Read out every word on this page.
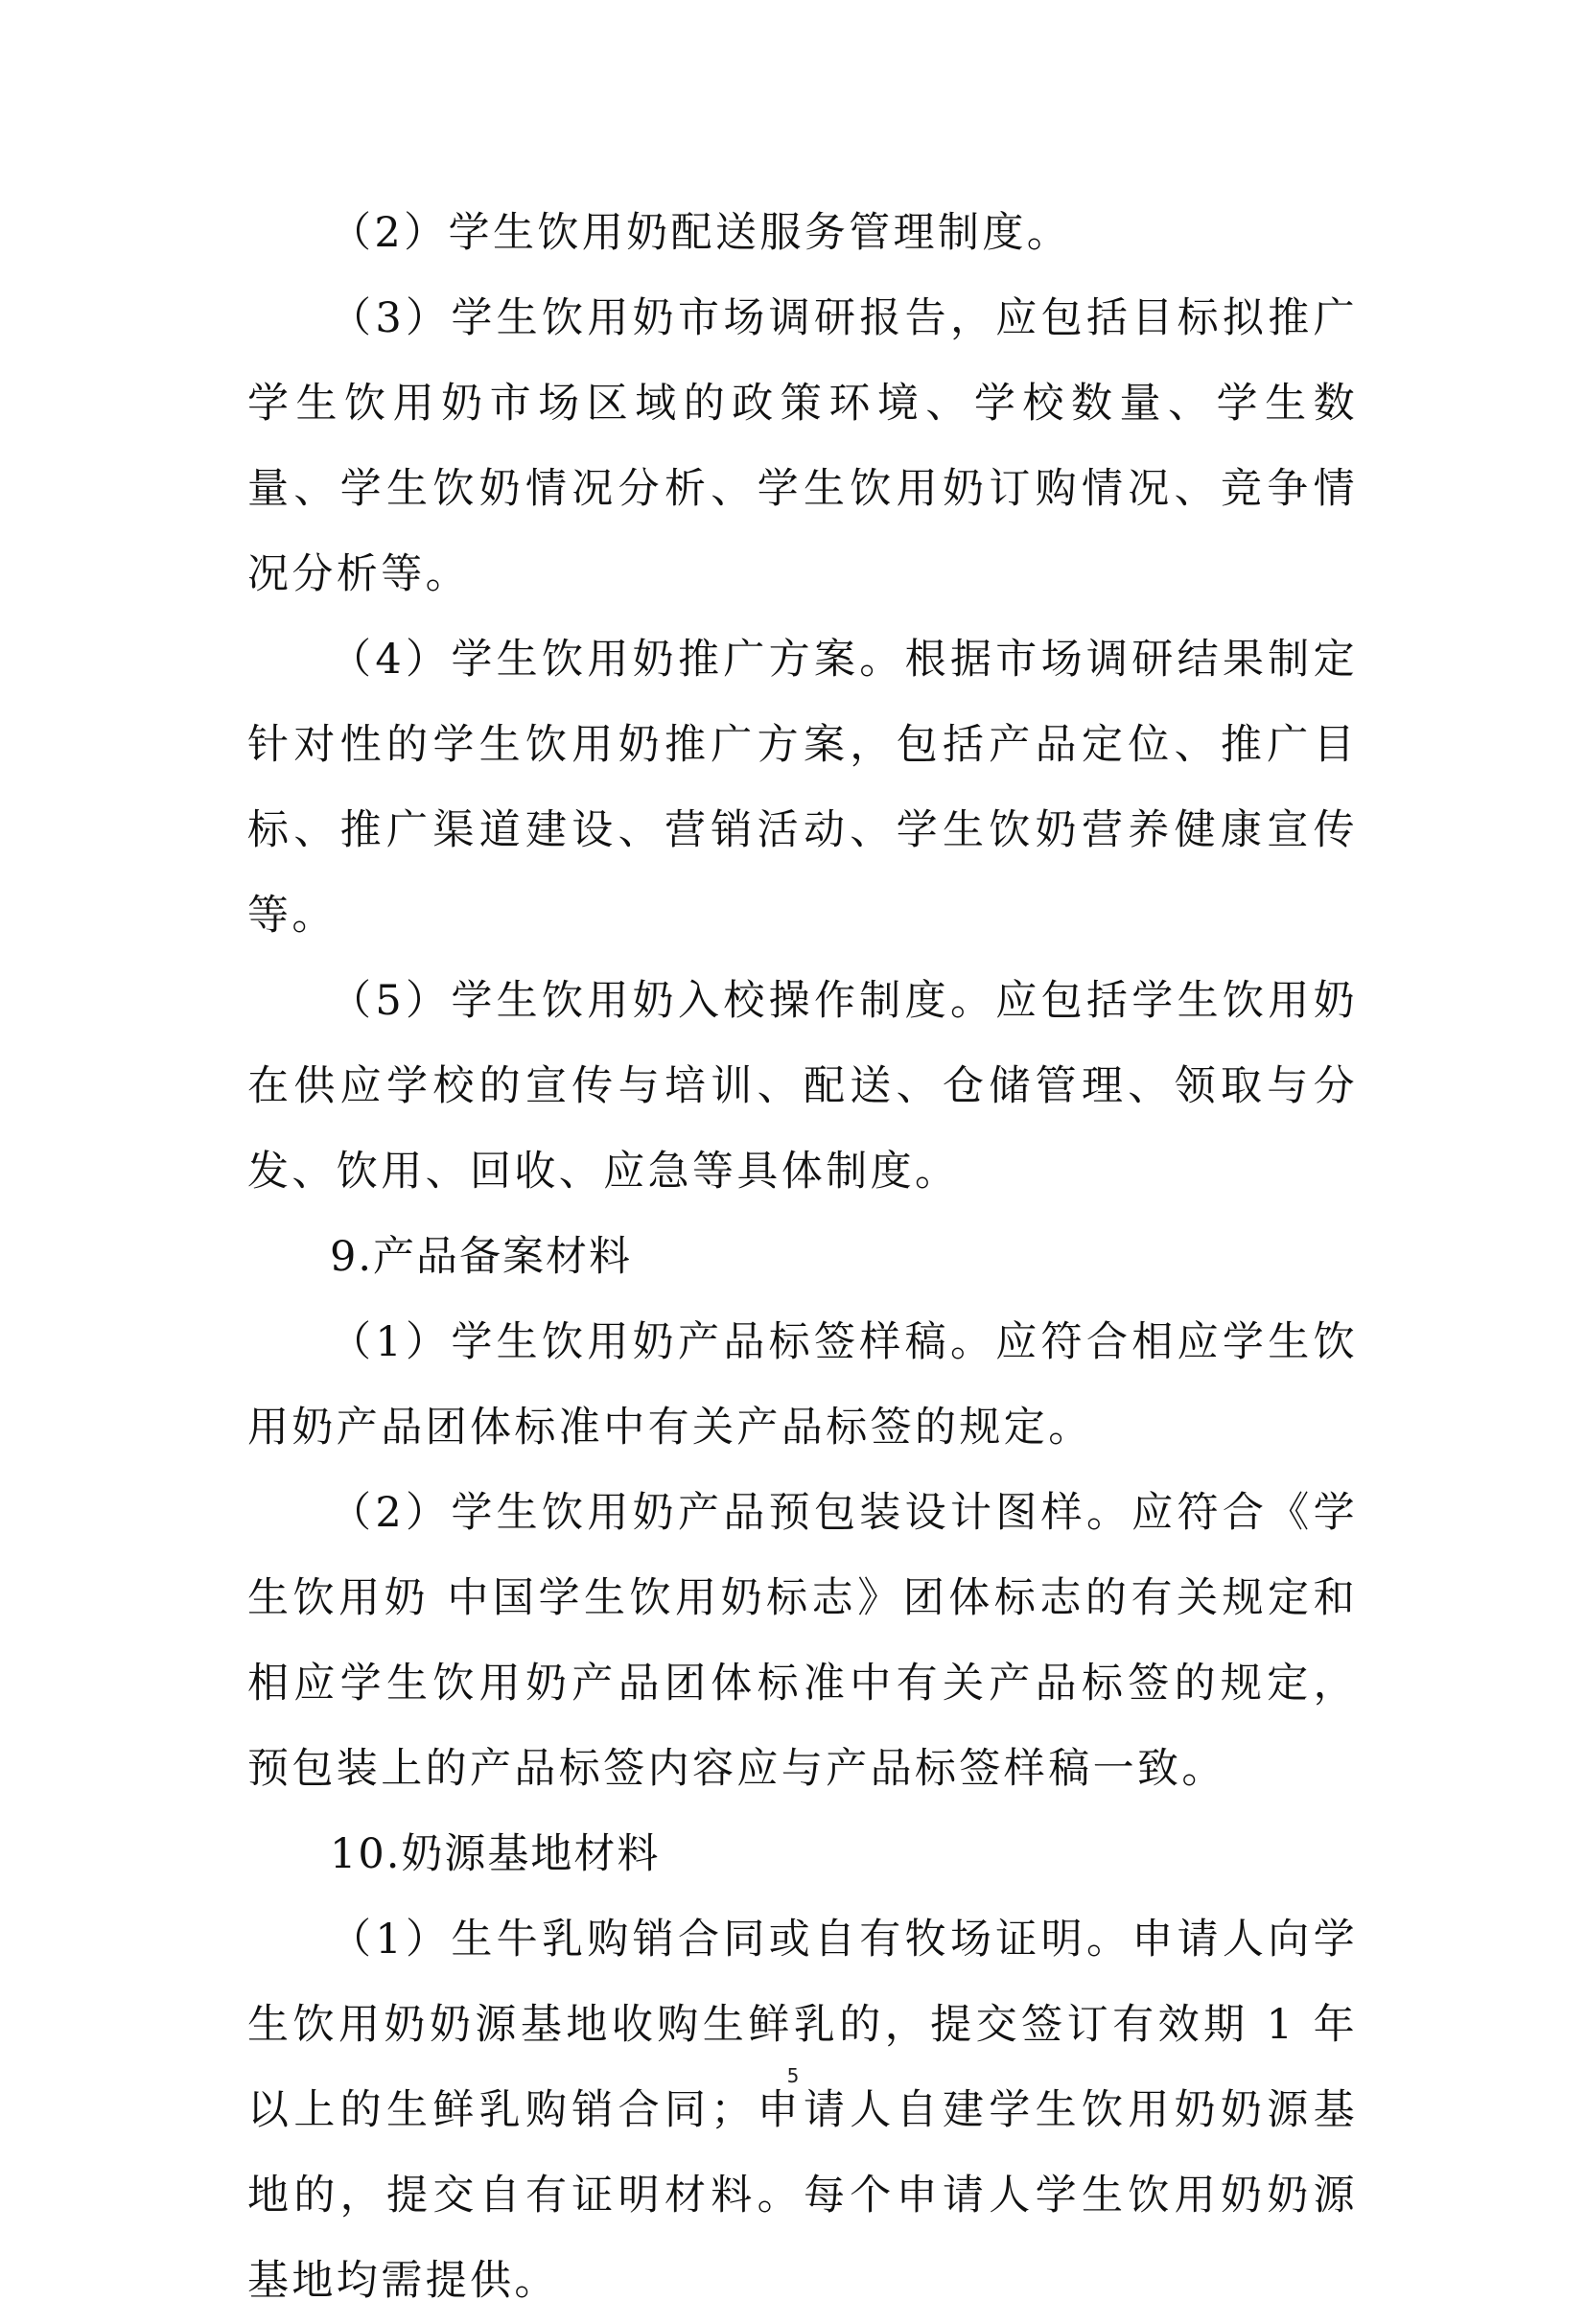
（2）学生饮用奶配送服务管理制度。

（3）学生饮用奶市场调研报告，应包括目标拟推广学生饮用奶市场区域的政策环境、学校数量、学生数量、学生饮奶情况分析、学生饮用奶订购情况、竞争情况分析等。

（4）学生饮用奶推广方案。根据市场调研结果制定针对性的学生饮用奶推广方案，包括产品定位、推广目标、推广渠道建设、营销活动、学生饮奶营养健康宣传等。

（5）学生饮用奶入校操作制度。应包括学生饮用奶在供应学校的宣传与培训、配送、仓储管理、领取与分发、饮用、回收、应急等具体制度。

9.产品备案材料

（1）学生饮用奶产品标签样稿。应符合相应学生饮用奶产品团体标准中有关产品标签的规定。

（2）学生饮用奶产品预包装设计图样。应符合《学生饮用奶 中国学生饮用奶标志》团体标志的有关规定和相应学生饮用奶产品团体标准中有关产品标签的规定，预包装上的产品标签内容应与产品标签样稿一致。

10.奶源基地材料

（1）生牛乳购销合同或自有牧场证明。申请人向学生饮用奶奶源基地收购生鲜乳的，提交签订有效期 1 年以上的生鲜乳购销合同；申请人自建学生饮用奶奶源基地的，提交自有证明材料。每个申请人学生饮用奶奶源基地均需提供。

5
